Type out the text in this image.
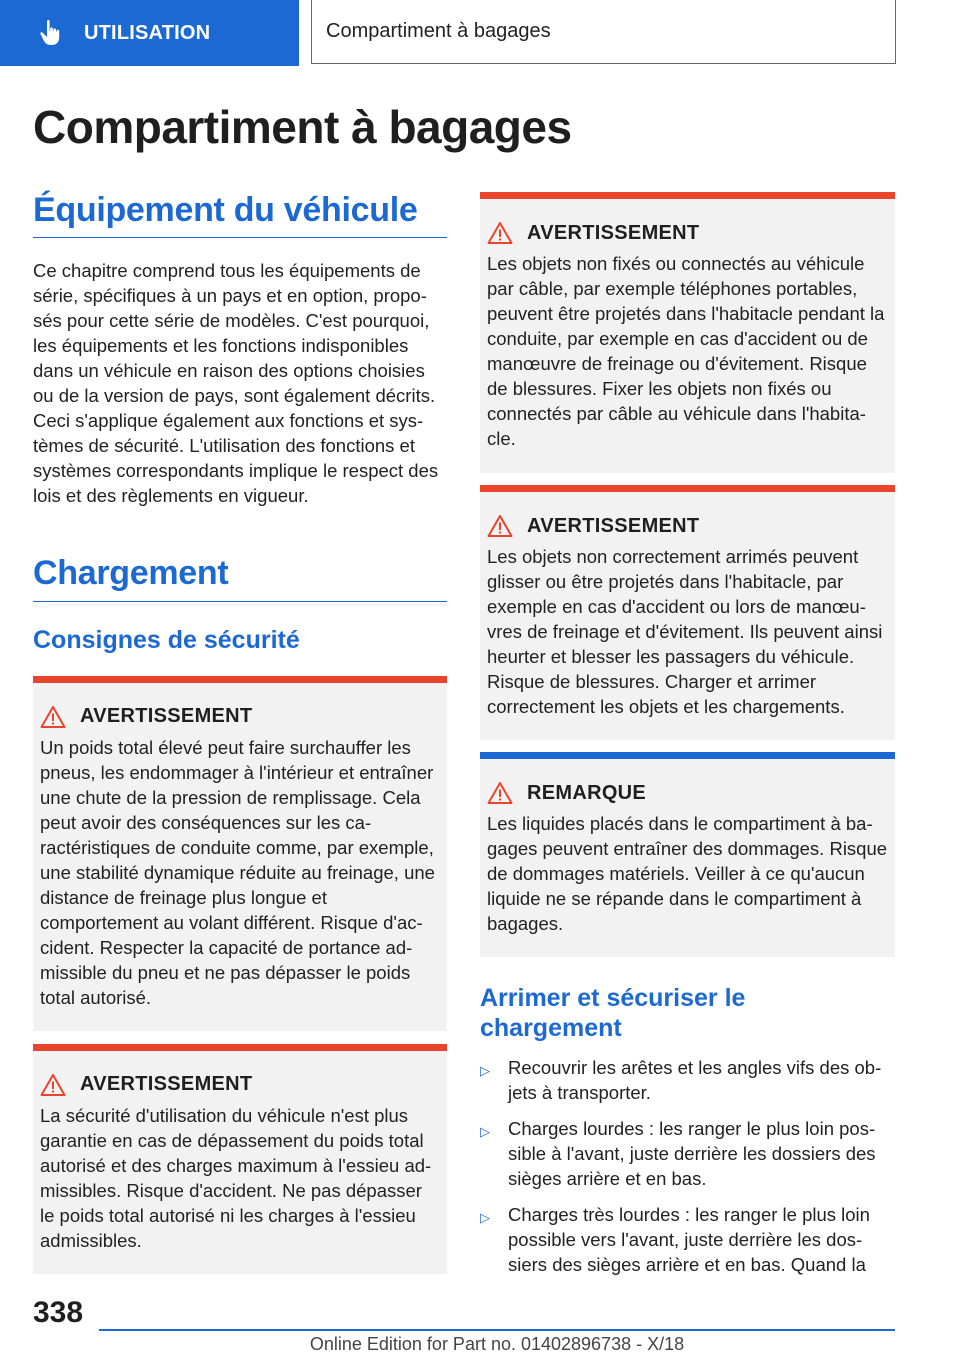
UTILISATION	Compartiment à bagages
Compartiment à bagages
Équipement du véhicule

Ce chapitre comprend tous les équipements de série, spécifiques à un pays et en option, proposés pour cette série de modèles. C'est pourquoi, les équipements et les fonctions indisponibles dans un véhicule en raison des options choisies ou de la version de pays, sont également décrits. Ceci s'applique également aux fonctions et systèmes de sécurité. L'utilisation des fonctions et systèmes correspondants implique le respect des lois et des règlements en vigueur.

Chargement
Consignes de sécurité
AVERTISSEMENT

Un poids total élevé peut faire surchauffer les pneus, les endommager à l'intérieur et entraîner une chute de la pression de remplissage. Cela peut avoir des conséquences sur les caractéristiques de conduite comme, par exemple, une stabilité dynamique réduite au freinage, une distance de freinage plus longue et comportement au volant différent. Risque d'accident. Respecter la capacité de portance admissible du pneu et ne pas dépasser le poids total autorisé.

AVERTISSEMENT

La sécurité d'utilisation du véhicule n'est plus garantie en cas de dépassement du poids total autorisé et des charges maximum à l'essieu admissibles. Risque d'accident. Ne pas dépasser le poids total autorisé ni les charges à l'essieu admissibles.

AVERTISSEMENT

Les objets non fixés ou connectés au véhicule par câble, par exemple téléphones portables, peuvent être projetés dans l'habitacle pendant la conduite, par exemple en cas d'accident ou de manœuvre de freinage ou d'évitement. Risque de blessures. Fixer les objets non fixés ou connectés par câble au véhicule dans l'habitacle.

AVERTISSEMENT

Les objets non correctement arrimés peuvent glisser ou être projetés dans l'habitacle, par exemple en cas d'accident ou lors de manœuvres de freinage et d'évitement. Ils peuvent ainsi heurter et blesser les passagers du véhicule. Risque de blessures. Charger et arrimer correctement les objets et les chargements.

REMARQUE

Les liquides placés dans le compartiment à bagages peuvent entraîner des dommages. Risque de dommages matériels. Veiller à ce qu'aucun liquide ne se répande dans le compartiment à bagages.

Arrimer et sécuriser le chargement
▷ Recouvrir les arêtes et les angles vifs des objets à transporter.
▷ Charges lourdes : les ranger le plus loin possible à l'avant, juste derrière les dossiers des sièges arrière et en bas.
▷ Charges très lourdes : les ranger le plus loin possible vers l'avant, juste derrière les dossiers des sièges arrière et en bas. Quand la
338
Online Edition for Part no. 01402896738 - X/18
